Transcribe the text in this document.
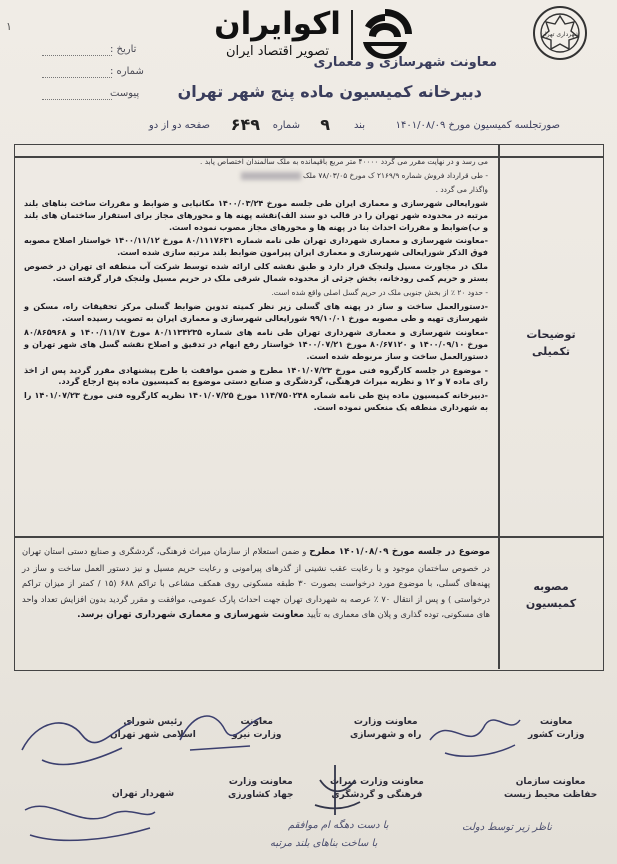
۱
شهرداری تهران
اکوایران
تصویر اقتصاد ایران
معاونت شهرسازی و معماری
دبیرخانه کمیسیون ماده پنج شهر تهران
تاریخ :
شماره :
پیوست
صورتجلسه کمیسیون مورخ ۱۴۰۱/۰۸/۰۹
بند
۹
شماره
۶۴۹
صفحه دو از دو
توضیحات
تکمیلی

می رسد و در نهایت مقرر می گردد ۴۰۰۰۰ متر مربع باقیمانده به ملک سالمندان اختصاص یابد .

- طی قرارداد فروش شماره ۲۱۶۹/۹ ک مورخ ۷۸/۰۳/۰۵ ملک

واگذار می گردد .

شورایعالی شهرسازی و معماری ایران طی جلسه مورخ ۱۴۰۰/۰۳/۲۴ مکانیابی و ضوابط و مقررات ساخت بناهای بلند مرتبه در محدوده شهر تهران را در قالب دو سند الف)نقشه پهنه ها و محورهای مجاز برای استقرار ساختمان های بلند و ب)ضوابط و مقررات احداث بنا در پهنه ها و محورهای مجاز مصوب نموده است.

-معاونت شهرسازی و معماری شهرداری تهران طی نامه شماره ۸۰/۱۱۱۷۶۳۱ مورخ ۱۴۰۰/۱۱/۱۲ خواستار اصلاح مصوبه فوق الذکر شورایعالی شهرسازی و معماری ایران پیرامون ضوابط بلند مرتبه سازی شده است.

ملک در مجاورت مسیل ولنجک قرار دارد و طبق نقشه کلی ارائه شده توسط شرکت آب منطقه ای تهران در خصوص بستر و حریم کمی رودخانه، بخش جزئی از محدوده شمال شرقی ملک در حریم مسیل ولنجک قرار گرفته است.

- حدود ۲۰ ٪ از بخش جنوبی ملک در حریم گسل اصلی واقع شده است.

-دستورالعمل ساخت و ساز در پهنه های گسلی زیر نظر کمیته تدوین ضوابط گسلی مرکز تحقیقات راه، مسکن و شهرسازی تهیه و طی مصوبه مورخ ۹۹/۱۰/۰۱ شورایعالی شهرسازی و معماری ایران به تصویب رسیده است.

-معاونت شهرسازی و معماری شهرداری تهران طی نامه های شماره ۸۰/۱۱۳۴۲۳۵ مورخ ۱۴۰۰/۱۱/۱۷ و ۸۰/۸۶۵۹۶۸ مورخ ۱۴۰۰/۰۹/۱۰ و ۸۰/۶۷۱۲۰ مورخ ۱۴۰۰/۰۷/۲۱ خواستار رفع ابهام در تدقیق و اصلاح نقشه گسل های شهر تهران و دستورالعمل ساخت و ساز مربوطه شده است.

- موضوع در جلسه کارگروه فنی مورخ ۱۴۰۱/۰۷/۲۳ مطرح و ضمن موافقت با طرح پیشنهادی مقرر گردید پس از اخذ رای ماده ۷ و ۱۲ و نظریه میراث فرهنگی، گردشگری و صنایع دستی موضوع به کمیسیون ماده پنج ارجاع گردد.

-دبیرخانه کمیسیون ماده پنج طی نامه شماره ۱۱۴/۷۵۰۲۴۸ مورخ ۱۴۰۱/۰۷/۲۵ نظریه کارگروه فنی مورخ ۱۴۰۱/۰۷/۲۳ را به شهرداری منطقه یک منعکس نموده است.

مصوبه
کمیسیون
موضوع در جلسه مورخ ۱۴۰۱/۰۸/۰۹ مطرح و ضمن استعلام از سازمان میراث فرهنگی، گردشگری و صنایع دستی استان تهران در خصوص ساختمان موجود و با رعایت عقب نشینی از گذرهای پیرامونی و رعایت حریم مسیل و نیز دستور العمل ساخت و ساز در پهنه‌های گسلی، با موضوع مورد درخواست بصورت ۳۰ طبقه مسکونی روی همکف مشاعی با تراکم ۶۸۸ (۱۵ / کمتر از میزان تراکم درخواستی ) و پس از انتقال ۷۰ ٪ عرصه به شهرداری تهران جهت احداث پارک عمومی، موافقت و مقرر گردید بدون افزایش تعداد واحد های مسکونی، توده گذاری و پلان های معماری به تأیید معاونت شهرسازی و معماری شهرداری تهران برسد.
رئیس شورای
اسلامی شهر تهران
معاونت
وزارت نیرو
معاونت وزارت
راه و شهرسازی
معاونت
وزارت کشور
شهردار تهران
معاونت وزارت
جهاد کشاورزی
معاونت وزارت میراث
فرهنگی و گردشگری
معاونت سازمان
حفاظت محیط زیست
با دست دهگه ام موافقم
با ساخت بناهای بلند مرتبه
ناظر زیر توسط دولت
